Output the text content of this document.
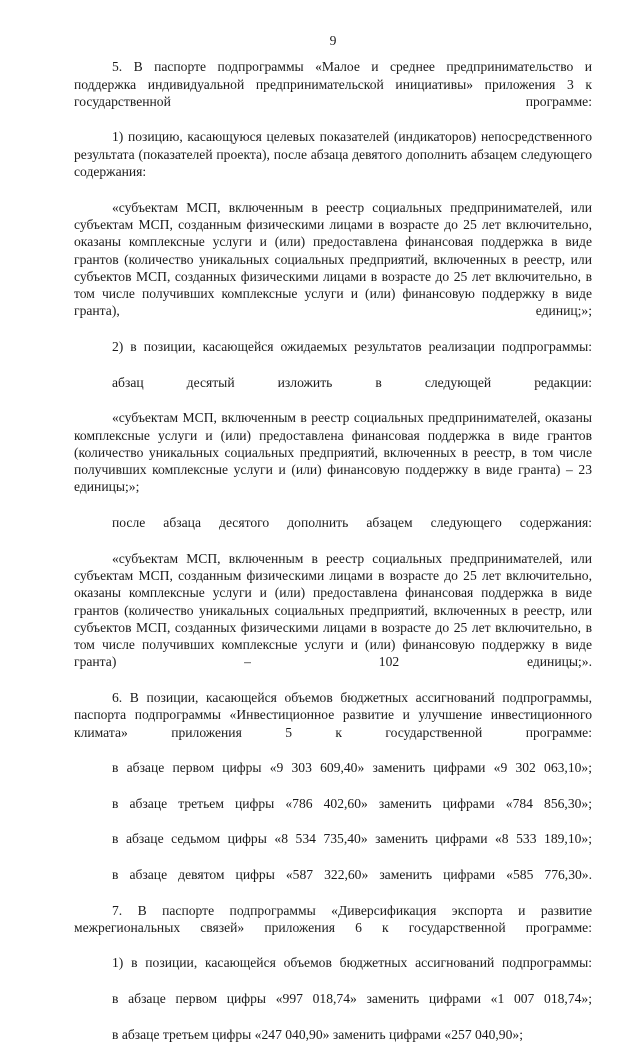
9

5. В паспорте подпрограммы «Малое и среднее предпринимательство и поддержка индивидуальной предпринимательской инициативы» приложения 3 к государственной программе:

1) позицию, касающуюся целевых показателей (индикаторов) непосредственного результата (показателей проекта), после абзаца девятого дополнить абзацем следующего содержания:

«субъектам МСП, включенным в реестр социальных предпринимателей, или субъектам МСП, созданным физическими лицами в возрасте до 25 лет включительно, оказаны комплексные услуги и (или) предоставлена финансовая поддержка в виде грантов (количество уникальных социальных предприятий, включенных в реестр, или субъектов МСП, созданных физическими лицами в возрасте до 25 лет включительно, в том числе получивших комплексные услуги и (или) финансовую поддержку в виде гранта), единиц;»;

2) в позиции, касающейся ожидаемых результатов реализации подпрограммы:

абзац десятый изложить в следующей редакции:

«субъектам МСП, включенным в реестр социальных предпринимателей, оказаны комплексные услуги и (или) предоставлена финансовая поддержка в виде грантов (количество уникальных социальных предприятий, включенных в реестр, в том числе получивших комплексные услуги и (или) финансовую поддержку в виде гранта) – 23 единицы;»;

после абзаца десятого дополнить абзацем следующего содержания:

«субъектам МСП, включенным в реестр социальных предпринимателей, или субъектам МСП, созданным физическими лицами в возрасте до 25 лет включительно, оказаны комплексные услуги и (или) предоставлена финансовая поддержка в виде грантов (количество уникальных социальных предприятий, включенных в реестр, или субъектов МСП, созданных физическими лицами в возрасте до 25 лет включительно, в том числе получивших комплексные услуги и (или) финансовую поддержку в виде гранта) – 102 единицы;».

6. В позиции, касающейся объемов бюджетных ассигнований подпрограммы, паспорта подпрограммы «Инвестиционное развитие и улучшение инвестиционного климата» приложения 5 к государственной программе:

в абзаце первом цифры «9 303 609,40» заменить цифрами «9 302 063,10»;

в абзаце третьем цифры «786 402,60» заменить цифрами «784 856,30»;

в абзаце седьмом цифры «8 534 735,40» заменить цифрами «8 533 189,10»;

в абзаце девятом цифры «587 322,60» заменить цифрами «585 776,30».

7. В паспорте подпрограммы «Диверсификация экспорта и развитие межрегиональных связей» приложения 6 к государственной программе:

1) в позиции, касающейся объемов бюджетных ассигнований подпрограммы:

в абзаце первом цифры «997 018,74» заменить цифрами «1 007 018,74»;

в абзаце третьем цифры «247 040,90» заменить цифрами «257 040,90»;
